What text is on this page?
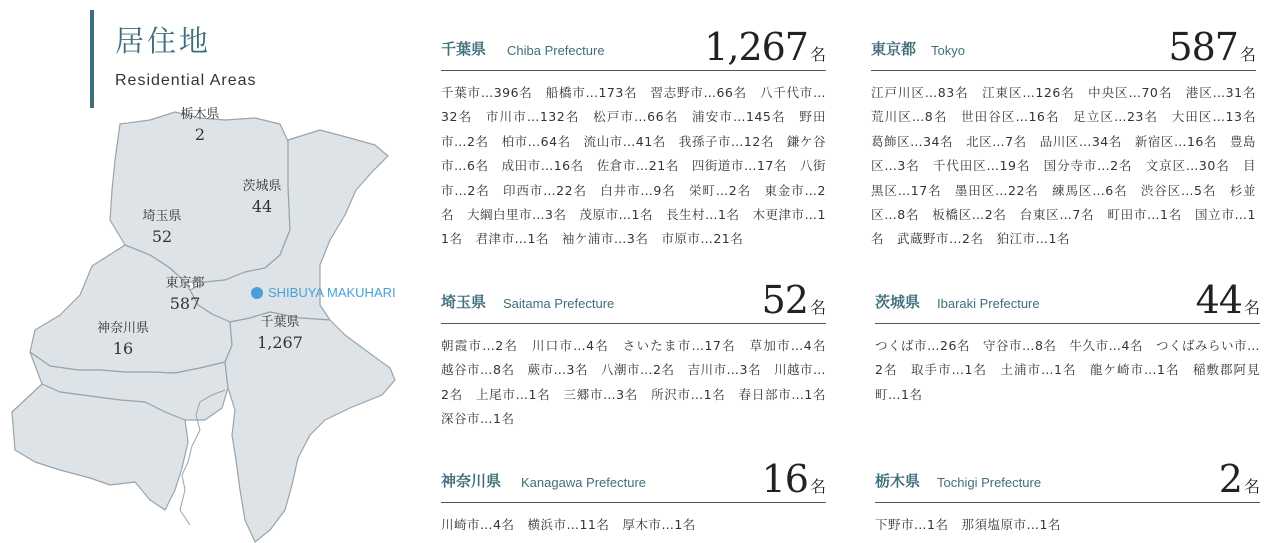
居住地
Residential Areas
栃木県
2
茨城県
44
埼玉県
52
東京都
587
神奈川県
16
千葉県
1,267
SHIBUYA MAKUHARI
千葉県 Chiba Prefecture	1,267 名
千葉市…396名　船橋市…173名　習志野市…66名　八千代市…32名　市川市…132名　松戸市…66名　浦安市…145名　野田市…2名　柏市…64名　流山市…41名　我孫子市…12名　鎌ケ谷市…6名　成田市…16名　佐倉市…21名　四街道市…17名　八街市…2名　印西市…22名　白井市…9名　栄町…2名　東金市…2名　大綱白里市…3名　茂原市…1名　長生村…1名　木更津市…11名　君津市…1名　袖ケ浦市…3名　市原市…21名
東京都 Tokyo	587 名
江戸川区…83名　江東区…126名　中央区…70名　港区…31名　荒川区…8名　世田谷区…16名　足立区…23名　大田区…13名　葛飾区…34名　北区…7名　品川区…34名　新宿区…16名　豊島区…3名　千代田区…19名　国分寺市…2名　文京区…30名　目黒区…17名　墨田区…22名　練馬区…6名　渋谷区…5名　杉並区…8名　板橋区…2名　台東区…7名　町田市…1名　国立市…1名　武蔵野市…2名　狛江市…1名
埼玉県 Saitama Prefecture	52 名
朝霞市…2名　川口市…4名　さいたま市…17名　草加市…4名　越谷市…8名　蕨市…3名　八潮市…2名　吉川市…3名　川越市…2名　上尾市…1名　三郷市…3名　所沢市…1名　春日部市…1名　深谷市…1名
茨城県 Ibaraki Prefecture	44 名
つくば市…26名　守谷市…8名　牛久市…4名　つくばみらい市…2名　取手市…1名　土浦市…1名　龍ケ崎市…1名　稲敷郡阿見町…1名
神奈川県 Kanagawa Prefecture	16 名
川崎市…4名　横浜市…11名　厚木市…1名
栃木県 Tochigi Prefecture	2 名
下野市…1名　那須塩原市…1名
